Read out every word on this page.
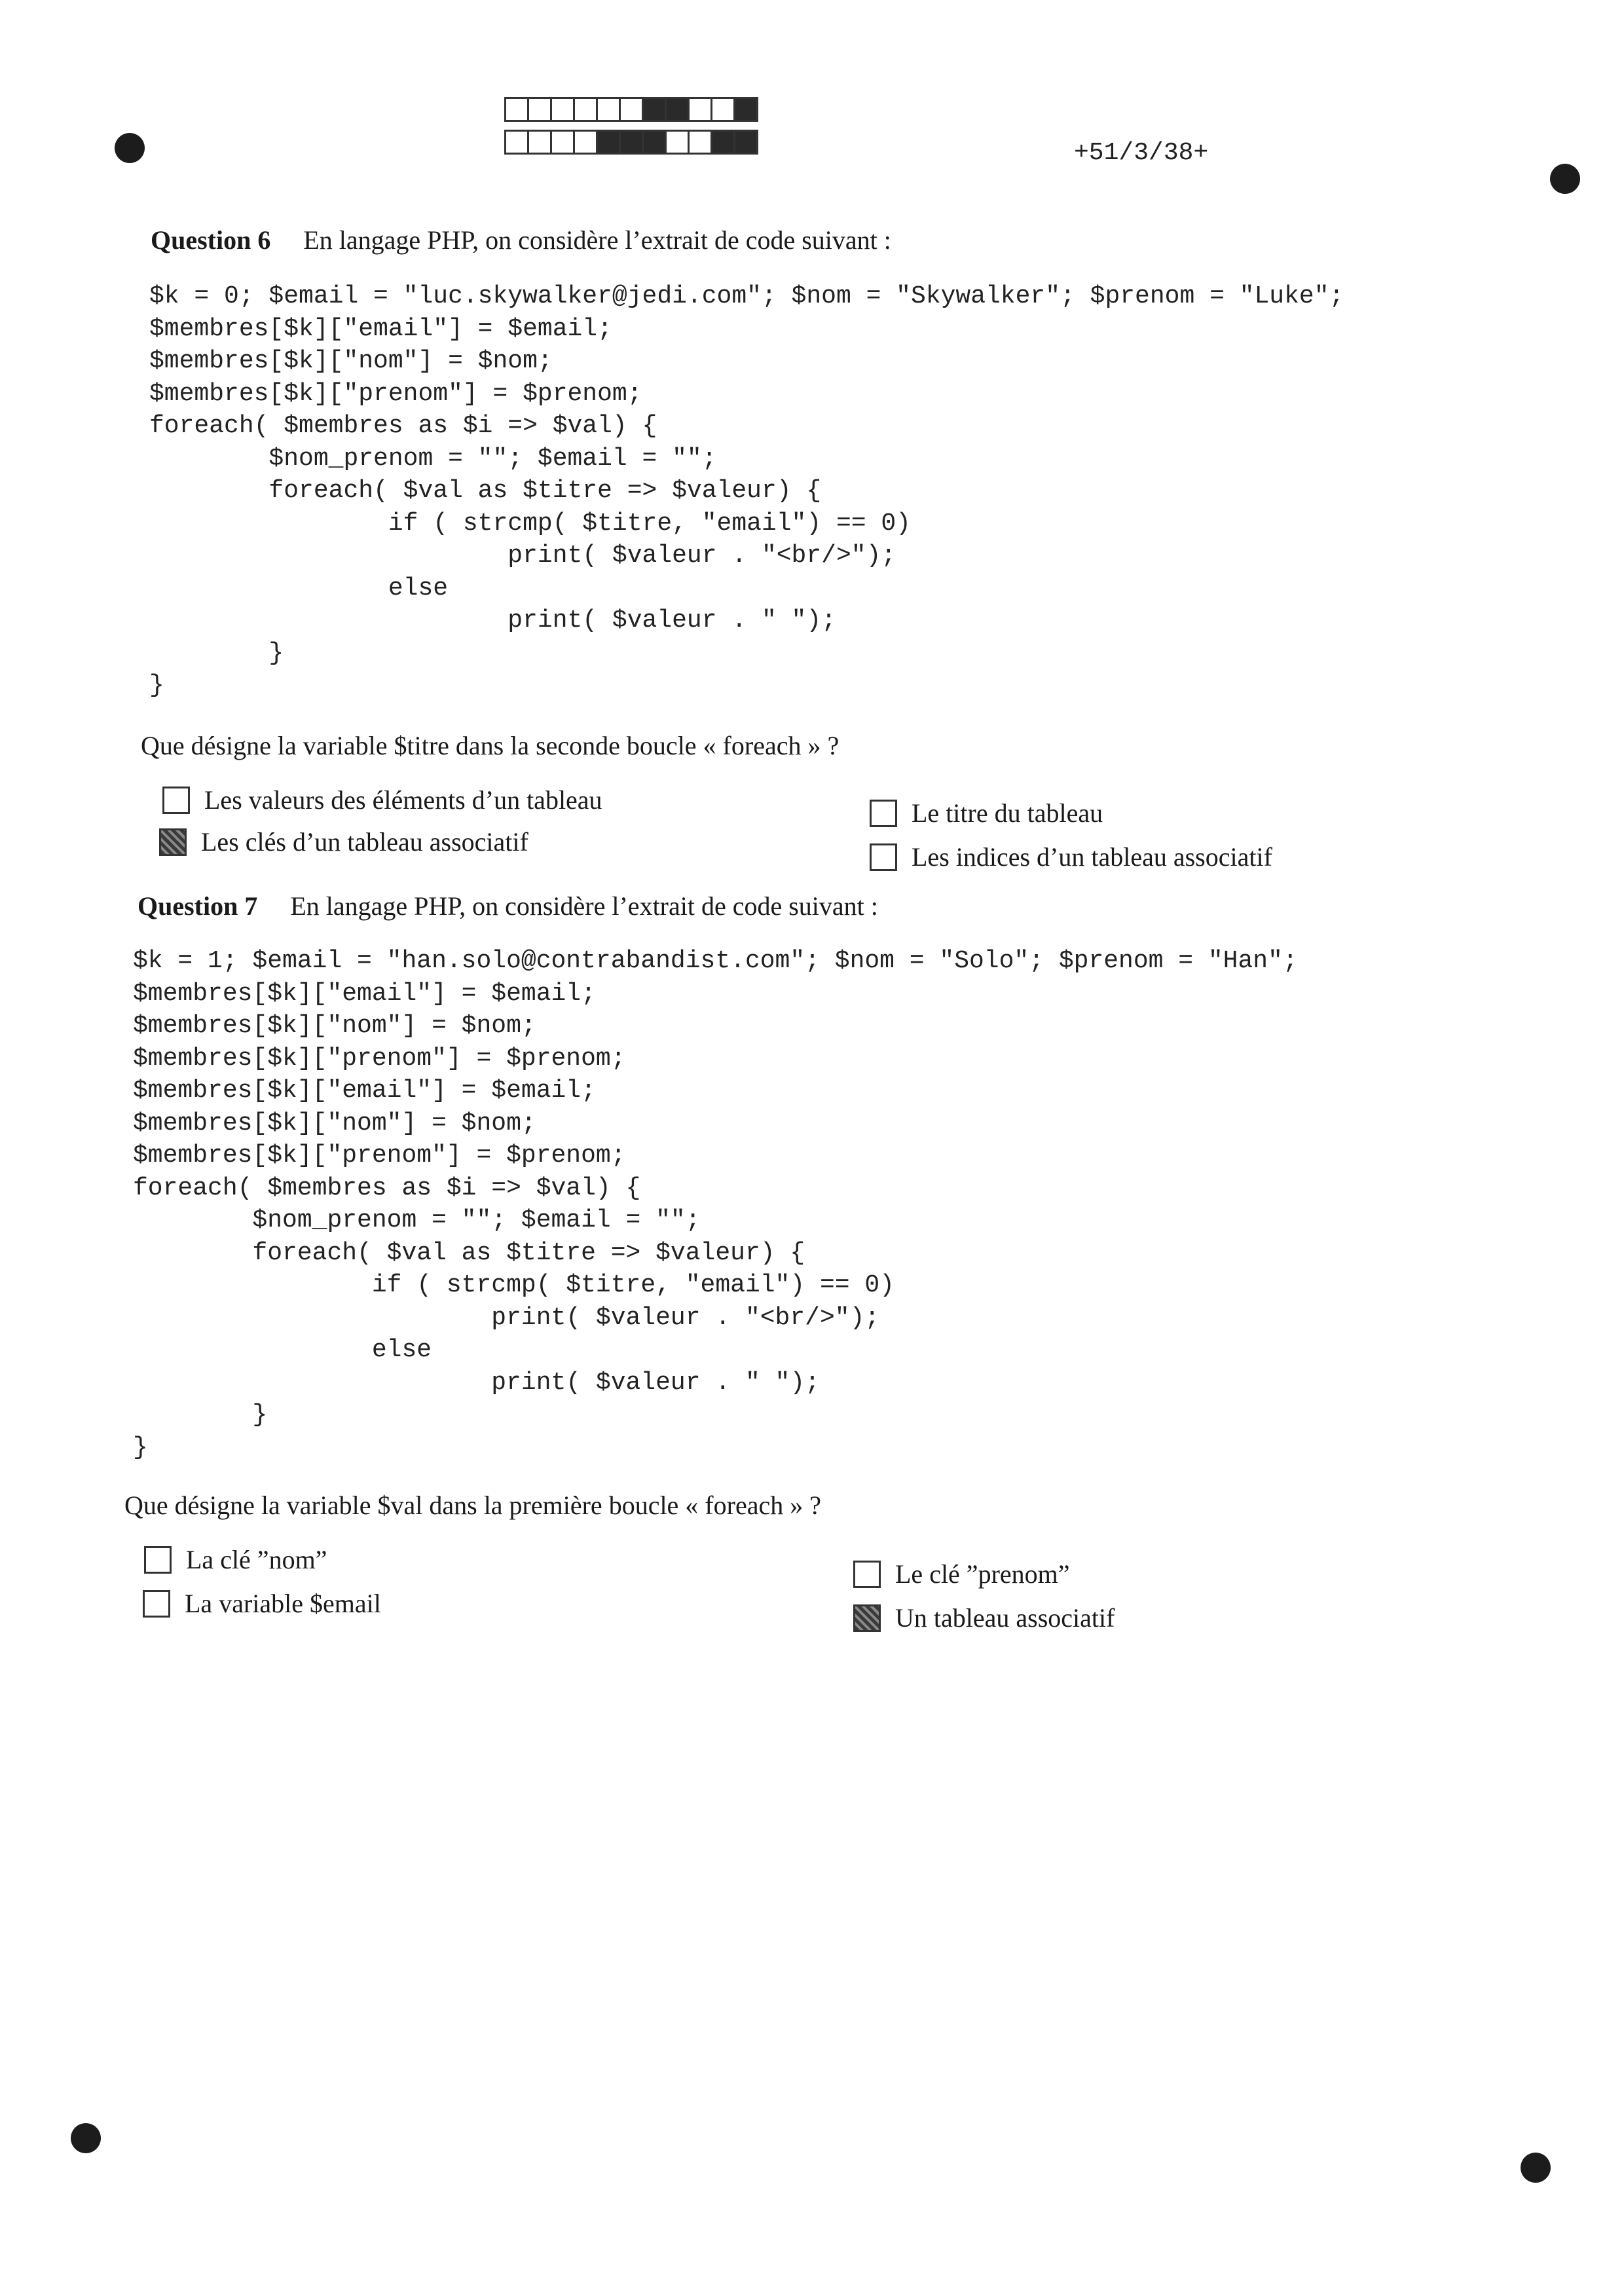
+51/3/38+
Question 6 En langage PHP, on considère l’extrait de code suivant :
$k = 0; $email = "luc.skywalker@jedi.com"; $nom = "Skywalker"; $prenom = "Luke";
$membres[$k]["email"] = $email;
$membres[$k]["nom"] = $nom;
$membres[$k]["prenom"] = $prenom;
foreach( $membres as $i => $val) {
$nom_prenom = ""; $email = "";
foreach( $val as $titre => $valeur) {
if ( strcmp( $titre, "email") == 0)
print( $valeur . "<br/>");
else
print( $valeur . " ");
}
}
Que désigne la variable $titre dans la seconde boucle « foreach » ?
Les valeurs des éléments d’un tableau
Les clés d’un tableau associatif
Le titre du tableau
Les indices d’un tableau associatif
Question 7 En langage PHP, on considère l’extrait de code suivant :
$k = 1; $email = "han.solo@contrabandist.com"; $nom = "Solo"; $prenom = "Han";
$membres[$k]["email"] = $email;
$membres[$k]["nom"] = $nom;
$membres[$k]["prenom"] = $prenom;
$membres[$k]["email"] = $email;
$membres[$k]["nom"] = $nom;
$membres[$k]["prenom"] = $prenom;
foreach( $membres as $i => $val) {
$nom_prenom = ""; $email = "";
foreach( $val as $titre => $valeur) {
if ( strcmp( $titre, "email") == 0)
print( $valeur . "<br/>");
else
print( $valeur . " ");
}
}
Que désigne la variable $val dans la première boucle « foreach » ?
La clé ”nom”
La variable $email
Le clé ”prenom”
Un tableau associatif
